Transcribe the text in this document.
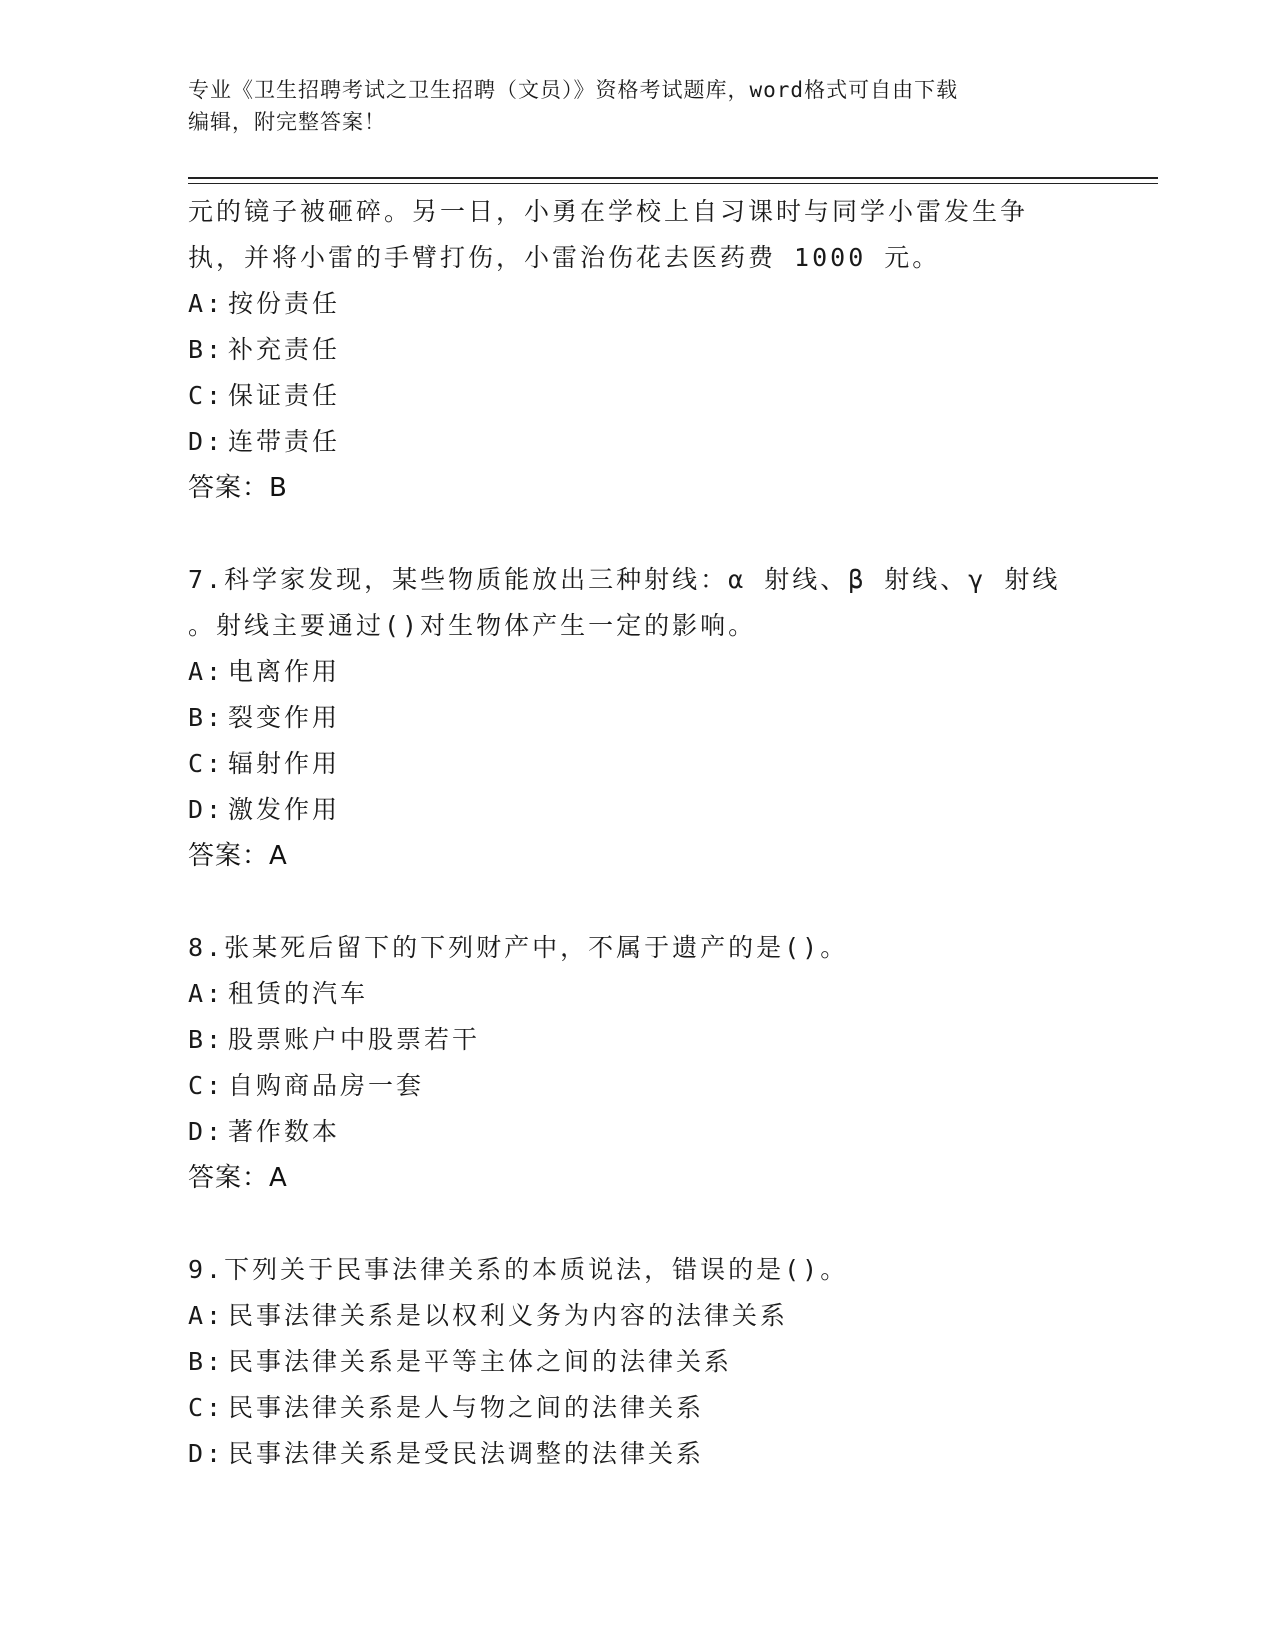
专业《卫生招聘考试之卫生招聘（文员）》资格考试题库，word格式可自由下载
编辑，附完整答案！
元的镜子被砸碎。另一日，小勇在学校上自习课时与同学小雷发生争
执，并将小雷的手臂打伤，小雷治伤花去医药费 1000 元。
A: 按份责任
B: 补充责任
C: 保证责任
D: 连带责任
答案：B
7.科学家发现，某些物质能放出三种射线：α 射线、β 射线、γ 射线
。射线主要通过()对生物体产生一定的影响。
A: 电离作用
B: 裂变作用
C: 辐射作用
D: 激发作用
答案：A
8.张某死后留下的下列财产中，不属于遗产的是()。
A: 租赁的汽车
B: 股票账户中股票若干
C: 自购商品房一套
D: 著作数本
答案：A
9.下列关于民事法律关系的本质说法，错误的是()。
A: 民事法律关系是以权利义务为内容的法律关系
B: 民事法律关系是平等主体之间的法律关系
C: 民事法律关系是人与物之间的法律关系
D: 民事法律关系是受民法调整的法律关系
